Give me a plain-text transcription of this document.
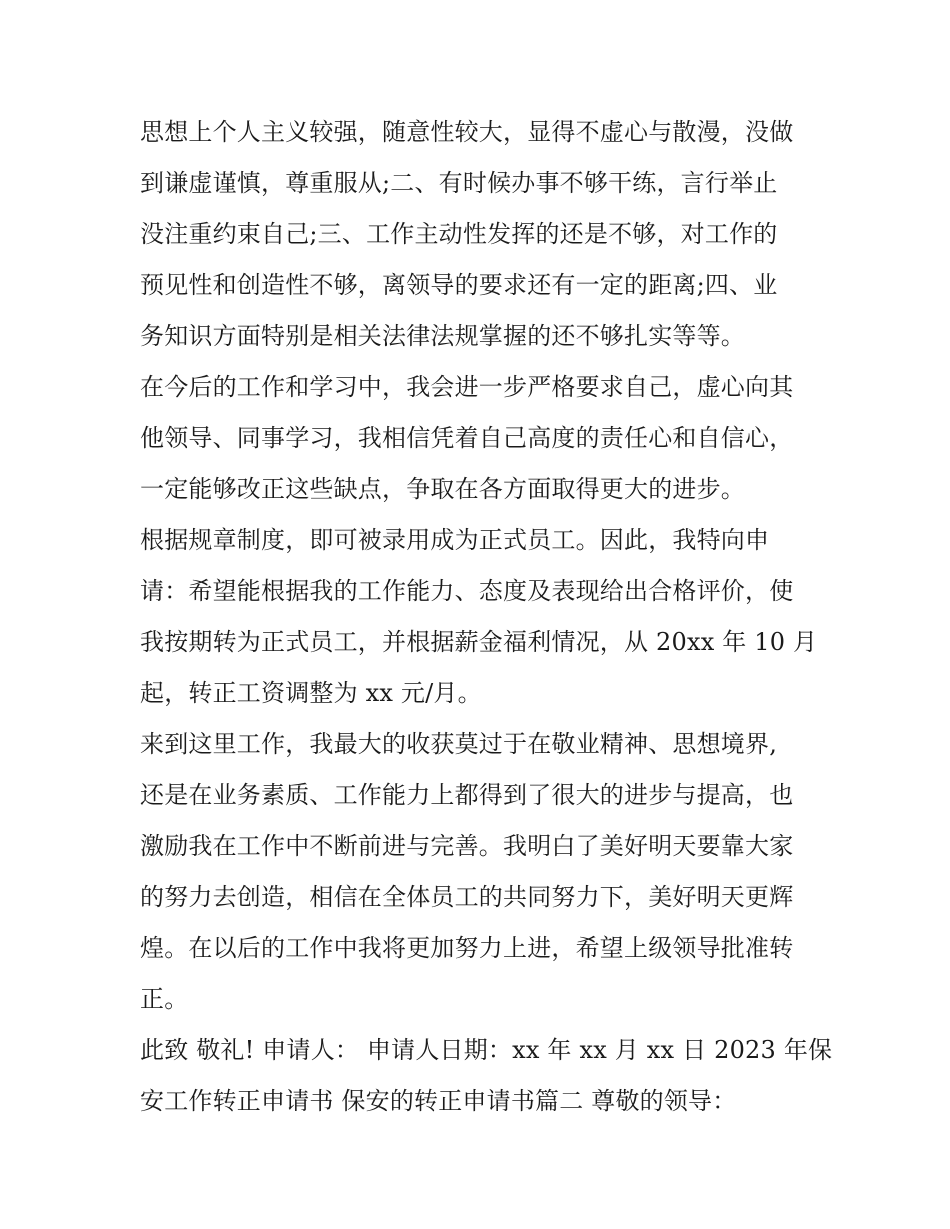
思想上个人主义较强，随意性较大，显得不虚心与散漫，没做
到谦虚谨慎，尊重服从;二、有时候办事不够干练，言行举止
没注重约束自己;三、工作主动性发挥的还是不够，对工作的
预见性和创造性不够，离领导的要求还有一定的距离;四、业
务知识方面特别是相关法律法规掌握的还不够扎实等等。
在今后的工作和学习中，我会进一步严格要求自己，虚心向其
他领导、同事学习，我相信凭着自己高度的责任心和自信心，
一定能够改正这些缺点，争取在各方面取得更大的进步。
根据规章制度，即可被录用成为正式员工。因此，我特向申
请：希望能根据我的工作能力、态度及表现给出合格评价，使
我按期转为正式员工，并根据薪金福利情况，从 20xx 年 10 月
起，转正工资调整为 xx 元/月。
来到这里工作，我最大的收获莫过于在敬业精神、思想境界,
还是在业务素质、工作能力上都得到了很大的进步与提高，也
激励我在工作中不断前进与完善。我明白了美好明天要靠大家
的努力去创造，相信在全体员工的共同努力下，美好明天更辉
煌。在以后的工作中我将更加努力上进，希望上级领导批准转
正。
此致 敬礼! 申请人： 申请人日期：xx 年 xx 月 xx 日 2023 年保
安工作转正申请书 保安的转正申请书篇二 尊敬的领导：
